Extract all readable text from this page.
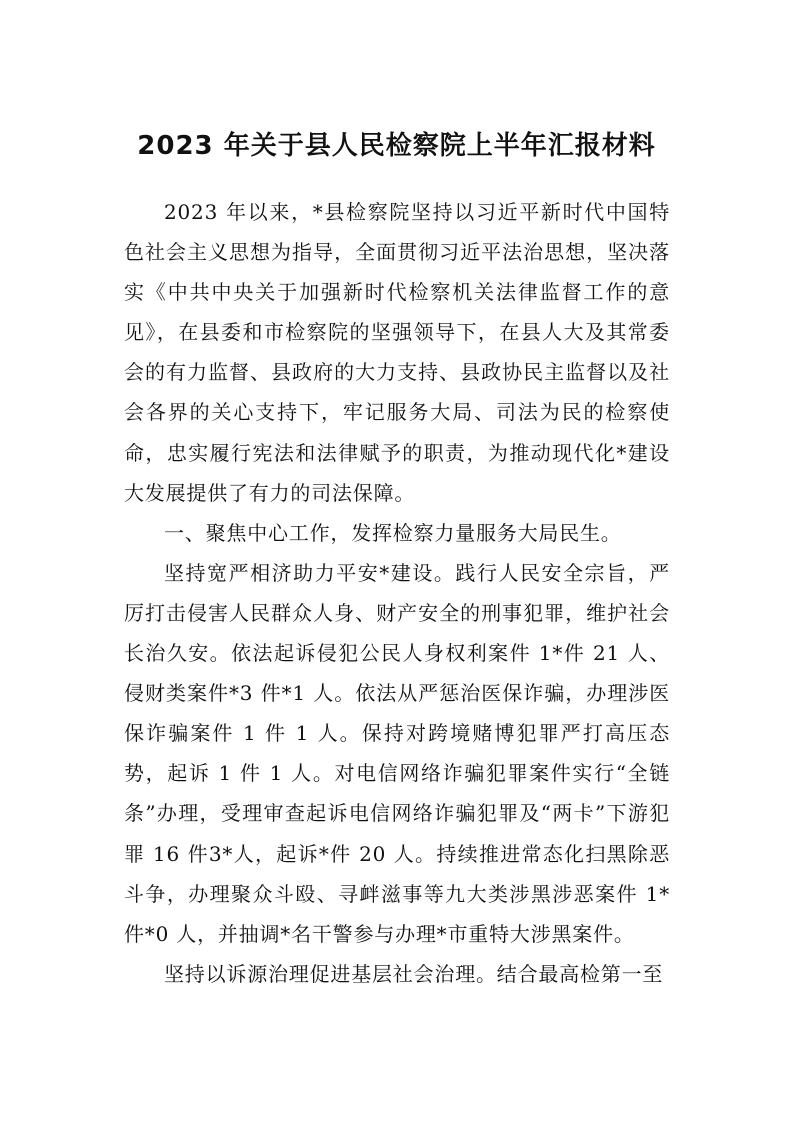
2023 年关于县人民检察院上半年汇报材料

2023 年以来，*县检察院坚持以习近平新时代中国特色社会主义思想为指导，全面贯彻习近平法治思想，坚决落实《中共中央关于加强新时代检察机关法律监督工作的意见》，在县委和市检察院的坚强领导下，在县人大及其常委会的有力监督、县政府的大力支持、县政协民主监督以及社会各界的关心支持下，牢记服务大局、司法为民的检察使命，忠实履行宪法和法律赋予的职责，为推动现代化*建设大发展提供了有力的司法保障。

一、聚焦中心工作，发挥检察力量服务大局民生。

坚持宽严相济助力平安*建设。践行人民安全宗旨，严厉打击侵害人民群众人身、财产安全的刑事犯罪，维护社会长治久安。依法起诉侵犯公民人身权利案件 1*件 21 人、侵财类案件*3 件*1 人。依法从严惩治医保诈骗，办理涉医保诈骗案件 1 件 1 人。保持对跨境赌博犯罪严打高压态势，起诉 1 件 1 人。对电信网络诈骗犯罪案件实行“全链条”办理，受理审查起诉电信网络诈骗犯罪及“两卡”下游犯罪 16 件3*人，起诉*件 20 人。持续推进常态化扫黑除恶斗争，办理聚众斗殴、寻衅滋事等九大类涉黑涉恶案件 1*件*0 人，并抽调*名干警参与办理*市重特大涉黑案件。

坚持以诉源治理促进基层社会治理。结合最高检第一至
